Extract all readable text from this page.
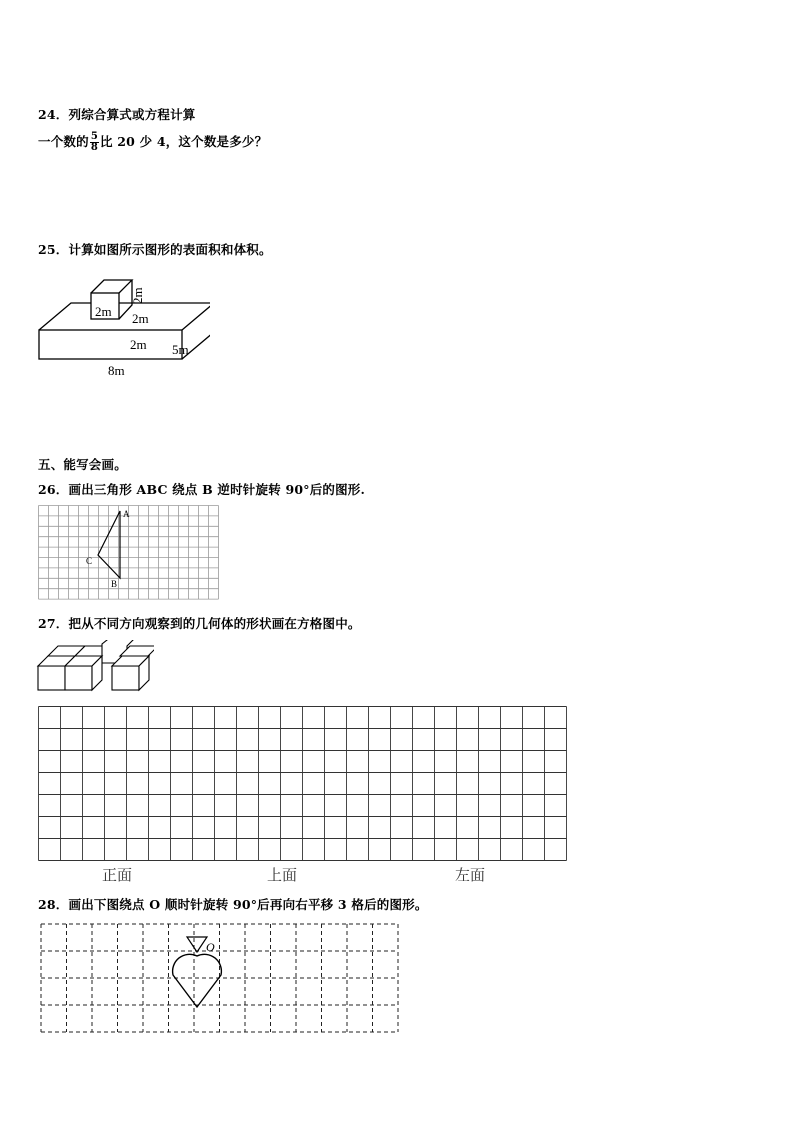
24．列综合算式或方程计算
一个数的 $\frac{5}{8}$ 比 20 少 4，这个数是多少？
25．计算如图所示图形的表面积和体积。
2m
2m
2m
2m 5m
8m
五、能写会画。
26．画出三角形 ABC 绕点 B 逆时针旋转 90°后的图形.
A
B
C
27．把从不同方向观察到的几何体的形状画在方格图中。
正面	上面	左面
28．画出下图绕点 O 顺时针旋转 90°后再向右平移 3 格后的图形。
O
